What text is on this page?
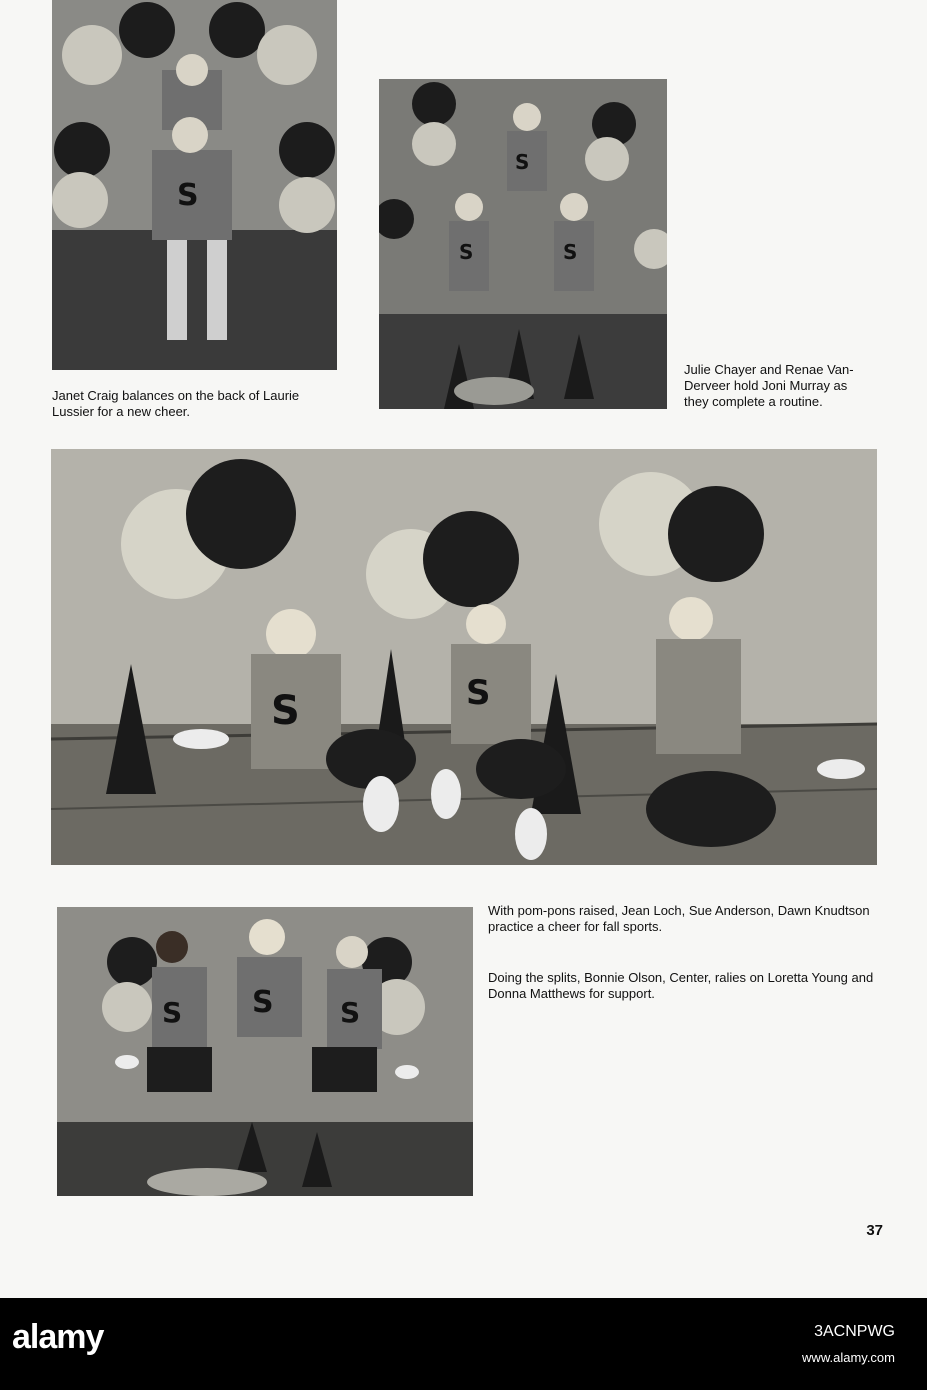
S
Janet Craig balances on the back of Laurie Lussier for a new cheer.
S
S	S
Julie Chayer and Renae Van-Derveer hold Joni Murray as they complete a routine.
S	S
S S S
With pom-pons raised, Jean Loch, Sue Anderson, Dawn Knudtson practice a cheer for fall sports.
Doing the splits, Bonnie Olson, Center, ralies on Loretta Young and Donna Matthews for support.
37
alamy	3ACNPWG
www.alamy.com
